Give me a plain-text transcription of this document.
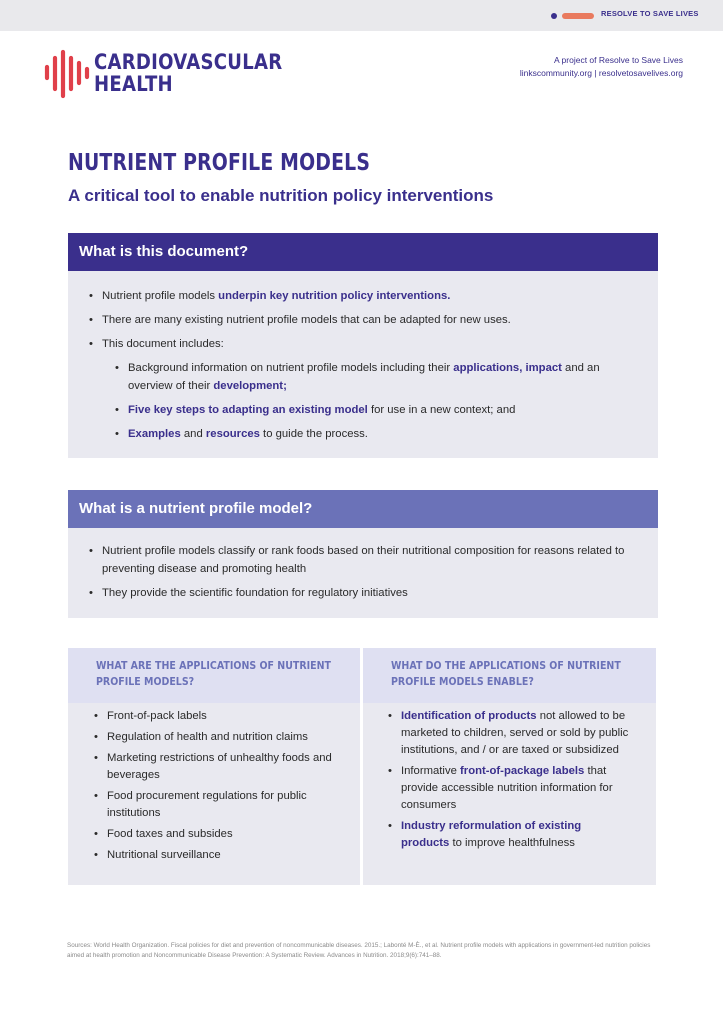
RESOLVE TO SAVE LIVES
CARDIOVASCULAR
HEALTH
A project of Resolve to Save Lives
linkscommunity.org | resolvetosavelives.org
NUTRIENT PROFILE MODELS
A critical tool to enable nutrition policy interventions
What is this document?
• Nutrient profile models underpin key nutrition policy interventions.
• There are many existing nutrient profile models that can be adapted for new uses.
• This document includes:
• Background information on nutrient profile models including their applications, impact and an overview of their development;
• Five key steps to adapting an existing model for use in a new context; and
• Examples and resources to guide the process.
What is a nutrient profile model?
• Nutrient profile models classify or rank foods based on their nutritional composition for reasons related to preventing disease and promoting health
• They provide the scientific foundation for regulatory initiatives
WHAT ARE THE APPLICATIONS OF NUTRIENT
PROFILE MODELS?
• Front-of-pack labels
• Regulation of health and nutrition claims
• Marketing restrictions of unhealthy foods and beverages
• Food procurement regulations for public institutions
• Food taxes and subsides
• Nutritional surveillance
WHAT DO THE APPLICATIONS OF NUTRIENT
PROFILE MODELS ENABLE?
• Identification of products not allowed to be marketed to children, served or sold by public institutions, and / or are taxed or subsidized
• Informative front-of-package labels that provide accessible nutrition information for consumers
• Industry reformulation of existing products to improve healthfulness
Sources: World Health Organization. Fiscal policies for diet and prevention of noncommunicable diseases. 2015.; Labonté M-È., et al. Nutrient profile models with applications in government-led nutrition policies aimed at health promotion and Noncommunicable Disease Prevention: A Systematic Review. Advances in Nutrition. 2018;9(6):741–88.
